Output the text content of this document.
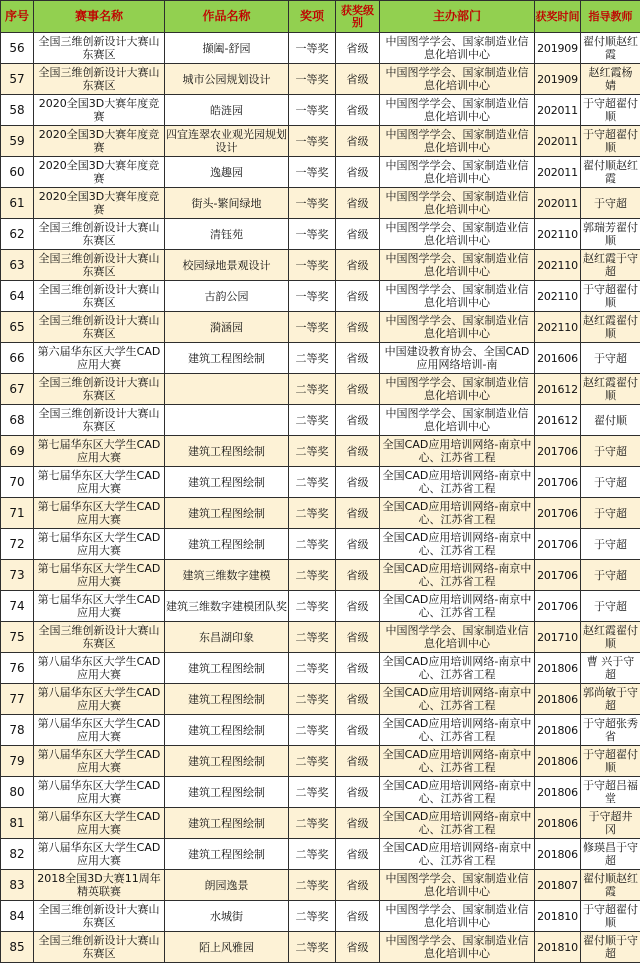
序号	赛事名称	作品名称	奖项	获奖级别	主办部门	获奖时间	指导教师

56	全国三维创新设计大赛山东赛区	撷阖-舒园	一等奖	省级	中国图学学会、国家制造业信息化培训中心	201909	翟付顺赵红霞

57	全国三维创新设计大赛山东赛区	城市公园规划设计	一等奖	省级	中国图学学会、国家制造业信息化培训中心	201909	赵红霞杨 婧

58	2020全国3D大赛年度竞赛	皓涟园	一等奖	省级	中国图学学会、国家制造业信息化培训中心	202011	于守超翟付顺

59	2020全国3D大赛年度竞赛	四宜连翠农业观光园规划设计	一等奖	省级	中国图学学会、国家制造业信息化培训中心	202011	于守超翟付顺

60	2020全国3D大赛年度竞赛	逸趣园	一等奖	省级	中国图学学会、国家制造业信息化培训中心	202011	翟付顺赵红霞

61	2020全国3D大赛年度竞赛	街头-繁间绿地	一等奖	省级	中国图学学会、国家制造业信息化培训中心	202011	于守超

62	全国三维创新设计大赛山东赛区	清钰苑	一等奖	省级	中国图学学会、国家制造业信息化培训中心	202110	郭瑞芳翟付顺

63	全国三维创新设计大赛山东赛区	校园绿地景观设计	一等奖	省级	中国图学学会、国家制造业信息化培训中心	202110	赵红霞于守超

64	全国三维创新设计大赛山东赛区	古韵公园	一等奖	省级	中国图学学会、国家制造业信息化培训中心	202110	于守超翟付顺

65	全国三维创新设计大赛山东赛区	漪涵园	一等奖	省级	中国图学学会、国家制造业信息化培训中心	202110	赵红霞翟付顺

66	第六届华东区大学生CAD应用大赛	建筑工程图绘制	二等奖	省级	中国建设教育协会、全国CAD应用网络培训-南	201606	于守超

67	全国三维创新设计大赛山东赛区		二等奖	省级	中国图学学会、国家制造业信息化培训中心	201612	赵红霞翟付顺

68	全国三维创新设计大赛山东赛区		二等奖	省级	中国图学学会、国家制造业信息化培训中心	201612	翟付顺

69	第七届华东区大学生CAD应用大赛	建筑工程图绘制	二等奖	省级	全国CAD应用培训网络-南京中心、江苏省工程	201706	于守超

70	第七届华东区大学生CAD应用大赛	建筑工程图绘制	二等奖	省级	全国CAD应用培训网络-南京中心、江苏省工程	201706	于守超

71	第七届华东区大学生CAD应用大赛	建筑工程图绘制	二等奖	省级	全国CAD应用培训网络-南京中心、江苏省工程	201706	于守超

72	第七届华东区大学生CAD应用大赛	建筑工程图绘制	二等奖	省级	全国CAD应用培训网络-南京中心、江苏省工程	201706	于守超

73	第七届华东区大学生CAD应用大赛	建筑三维数字建模	二等奖	省级	全国CAD应用培训网络-南京中心、江苏省工程	201706	于守超

74	第七届华东区大学生CAD应用大赛	建筑三维数字建模团队奖	二等奖	省级	全国CAD应用培训网络-南京中心、江苏省工程	201706	于守超

75	全国三维创新设计大赛山东赛区	东昌湖印象	二等奖	省级	中国图学学会、国家制造业信息化培训中心	201710	赵红霞翟付顺

76	第八届华东区大学生CAD应用大赛	建筑工程图绘制	二等奖	省级	全国CAD应用培训网络-南京中心、江苏省工程	201806	曹 兴于守超

77	第八届华东区大学生CAD应用大赛	建筑工程图绘制	二等奖	省级	全国CAD应用培训网络-南京中心、江苏省工程	201806	郭尚敏于守超

78	第八届华东区大学生CAD应用大赛	建筑工程图绘制	二等奖	省级	全国CAD应用培训网络-南京中心、江苏省工程	201806	于守超张秀省

79	第八届华东区大学生CAD应用大赛	建筑工程图绘制	二等奖	省级	全国CAD应用培训网络-南京中心、江苏省工程	201806	于守超翟付顺

80	第八届华东区大学生CAD应用大赛	建筑工程图绘制	二等奖	省级	全国CAD应用培训网络-南京中心、江苏省工程	201806	于守超吕福堂

81	第八届华东区大学生CAD应用大赛	建筑工程图绘制	二等奖	省级	全国CAD应用培训网络-南京中心、江苏省工程	201806	于守超井 冈

82	第八届华东区大学生CAD应用大赛	建筑工程图绘制	二等奖	省级	全国CAD应用培训网络-南京中心、江苏省工程	201806	修瑛昌于守超

83	2018全国3D大赛11周年精英联赛	朗园逸景	二等奖	省级	中国图学学会、国家制造业信息化培训中心	201807	翟付顺赵红霞

84	全国三维创新设计大赛山东赛区	水城街	二等奖	省级	中国图学学会、国家制造业信息化培训中心	201810	于守超翟付顺

85	全国三维创新设计大赛山东赛区	陌上风雅园	二等奖	省级	中国图学学会、国家制造业信息化培训中心	201810	翟付顺于守超
